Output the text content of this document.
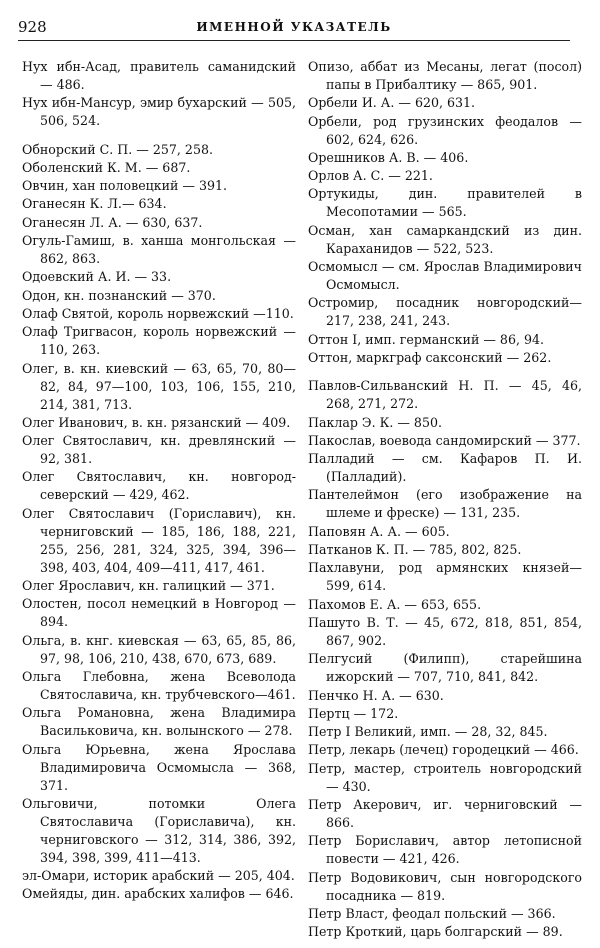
928	ИМЕННОЙ УКАЗАТЕЛЬ

Нух ибн-Асад, правитель саманидский — 486.

Нух ибн-Мансур, эмир бухарский — 505, 506, 524.

Обнорский С. П. — 257, 258.

Оболенский К. М. — 687.

Овчин, хан половецкий — 391.

Оганесян К. Л.— 634.

Оганесян Л. А. — 630, 637.

Огуль-Гамиш, в. ханша монгольская — 862, 863.

Одоевский А. И. — 33.

Одон, кн. познанский — 370.

Олаф Святой, король норвежский —110.

Олаф Тригвасон, король норвежский — 110, 263.

Олег, в. кн. киевский — 63, 65, 70, 80—82, 84, 97—100, 103, 106, 155, 210, 214, 381, 713.

Олег Иванович, в. кн. рязанский — 409.

Олег Святославич, кн. древлянский — 92, 381.

Олег Святославич, кн. новгород-северский — 429, 462.

Олег Святославич (Гориславич), кн. черниговский — 185, 186, 188, 221, 255, 256, 281, 324, 325, 394, 396—398, 403, 404, 409—411, 417, 461.

Олег Ярославич, кн. галицкий — 371.

Олостен, посол немецкий в Новгород — 894.

Ольга, в. кнг. киевская — 63, 65, 85, 86, 97, 98, 106, 210, 438, 670, 673, 689.

Ольга Глебовна, жена Всеволода Святославича, кн. трубчевского—461.

Ольга Романовна, жена Владимира Васильковича, кн. волынского — 278.

Ольга Юрьевна, жена Ярослава Владимировича Осмомысла — 368, 371.

Ольговичи, потомки Олега Святославича (Гориславича), кн. черниговского — 312, 314, 386, 392, 394, 398, 399, 411—413.

эл-Омари, историк арабский — 205, 404.

Омейяды, дин. арабских халифов — 646.

Опизо, аббат из Месаны, легат (посол) папы в Прибалтику — 865, 901.

Орбели И. А. — 620, 631.

Орбели, род грузинских феодалов — 602, 624, 626.

Орешников А. В. — 406.

Орлов А. С. — 221.

Ортукиды, дин. правителей в Месопотамии — 565.

Осман, хан самаркандский из дин. Караханидов — 522, 523.

Осмомысл — см. Ярослав Владимирович Осмомысл.

Остромир, посадник новгородский— 217, 238, 241, 243.

Оттон I, имп. германский — 86, 94.

Оттон, маркграф саксонский — 262.

Павлов-Сильванский Н. П. — 45, 46, 268, 271, 272.

Паклар Э. К. — 850.

Пакослав, воевода сандомирский — 377.

Палладий — см. Кафаров П. И. (Палладий).

Пантелеймон (его изображение на шлеме и фреске) — 131, 235.

Паповян А. А. — 605.

Патканов К. П. — 785, 802, 825.

Пахлавуни, род армянских князей— 599, 614.

Пахомов Е. А. — 653, 655.

Пашуто В. Т. — 45, 672, 818, 851, 854, 867, 902.

Пелгусий (Филипп), старейшина ижорский — 707, 710, 841, 842.

Пенчко Н. А. — 630.

Пертц — 172.

Петр I Великий, имп. — 28, 32, 845.

Петр, лекарь (лечец) городецкий — 466.

Петр, мастер, строитель новгородский — 430.

Петр Акерович, иг. черниговский — 866.

Петр Бориславич, автор летописной повести — 421, 426.

Петр Водовикович, сын новгородского посадника — 819.

Петр Власт, феодал польский — 366.

Петр Кроткий, царь болгарский — 89.
